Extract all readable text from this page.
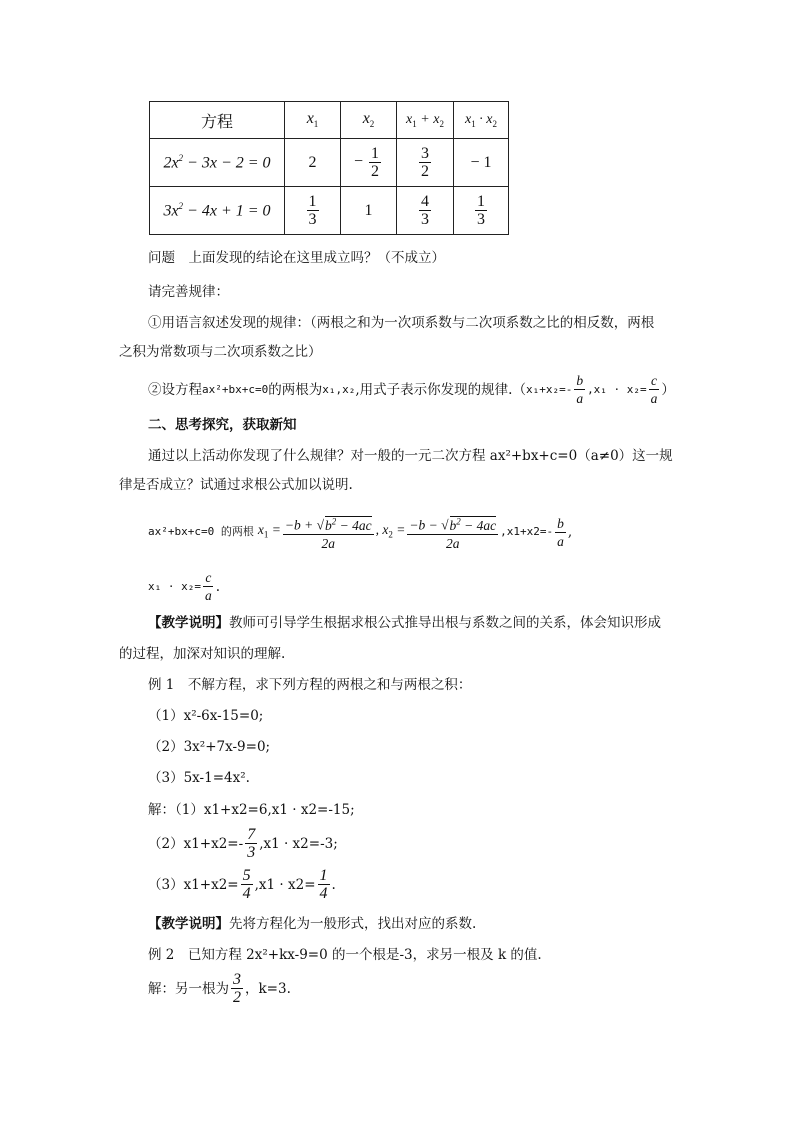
方程	$x_1$	$x_2$	$x_1 + x_2$	$x_1 \cdot x_2$
$2x^2 - 3x - 2 = 0$	2	− $\frac{1}{2}$	$\frac{3}{2}$	− 1
$3x^2 - 4x + 1 = 0$	$\frac{1}{3}$	1	$\frac{4}{3}$	$\frac{1}{3}$
问题　上面发现的结论在这里成立吗？（不成立）
请完善规律：
①用语言叙述发现的规律：（两根之和为一次项系数与二次项系数之比的相反数，两根
之积为常数项与二次项系数之比）
②设方程 ax²+bx+c=0 的两根为 x₁,x₂ ,用式子表示你发现的规律.（ $x_1+x_2=- \frac{b}{a} ,x_1 \cdot x_2= \frac{c}{a}$ ）
二、思考探究，获取新知
通过以上活动你发现了什么规律？对一般的一元二次方程 ax²+bx+c=0（a≠0）这一规
律是否成立？试通过求根公式加以说明.
ax²+bx+c=0 的两根 $x_1 = \frac{-b + √b^2 - 4ac}{2a}$ , $x_2 = \frac{-b - √b^2 - 4ac}{2a} ,x1+x2=- \frac{b}{a}$ ,
$x_1 \cdot x_2= \frac{c}{a}$ .
【教学说明】教师可引导学生根据求根公式推导出根与系数之间的关系，体会知识形成
的过程，加深对知识的理解.
例 1　不解方程，求下列方程的两根之和与两根之积：
（1）x²-6x-15=0;
（2）3x²+7x-9=0;
（3）5x-1=4x².
解：（1）x1+x2=6,x1 · x2=-15;
$(2)x1+x2=- \frac{7}{3} ,x1 \cdot x2=-3$;
$(3)x1+x2= \frac{5}{4} ,x1 \cdot x2= \frac{1}{4}$ .
【教学说明】先将方程化为一般形式，找出对应的系数.
例 2　已知方程 2x²+kx-9=0 的一个根是-3，求另一根及 k 的值.
解：另一根为 $\frac{3}{2}$ ，k=3.
